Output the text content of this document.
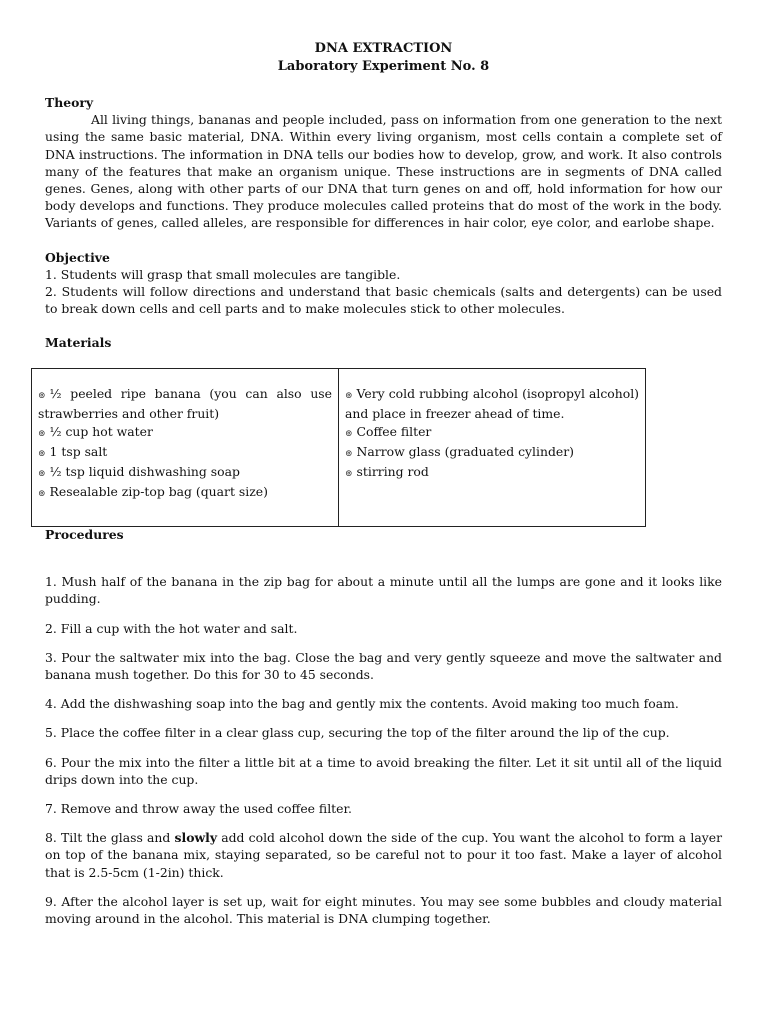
DNA EXTRACTION
Laboratory Experiment No. 8
Theory

All living things, bananas and people included, pass on information from one generation to the next using the same basic material, DNA. Within every living organism, most cells contain a complete set of DNA instructions. The information in DNA tells our bodies how to develop, grow, and work. It also controls many of the features that make an organism unique. These instructions are in segments of DNA called genes. Genes, along with other parts of our DNA that turn genes on and off, hold information for how our body develops and functions. They produce molecules called proteins that do most of the work in the body. Variants of genes, called alleles, are responsible for differences in hair color, eye color, and earlobe shape.

Objective

1. Students will grasp that small molecules are tangible.

2. Students will follow directions and understand that basic chemicals (salts and detergents) can be used to break down cells and cell parts and to make molecules stick to other molecules.

Materials
⊚ ½ peeled ripe banana (you can also use strawberries and other fruit)
⊚ ½ cup hot water
⊚ 1 tsp salt
⊚ ½ tsp liquid dishwashing soap
⊚ Resealable zip-top bag (quart size)

⊚ Very cold rubbing alcohol (isopropyl alcohol) and place in freezer ahead of time.
⊚ Coffee filter
⊚ Narrow glass (graduated cylinder)
⊚ stirring rod
Procedures

1. Mush half of the banana in the zip bag for about a minute until all the lumps are gone and it looks like pudding.

2. Fill a cup with the hot water and salt.

3. Pour the saltwater mix into the bag. Close the bag and very gently squeeze and move the saltwater and banana mush together. Do this for 30 to 45 seconds.

4. Add the dishwashing soap into the bag and gently mix the contents. Avoid making too much foam.

5. Place the coffee filter in a clear glass cup, securing the top of the filter around the lip of the cup.

6. Pour the mix into the filter a little bit at a time to avoid breaking the filter. Let it sit until all of the liquid drips down into the cup.

7. Remove and throw away the used coffee filter.

8. Tilt the glass and slowly add cold alcohol down the side of the cup. You want the alcohol to form a layer on top of the banana mix, staying separated, so be careful not to pour it too fast. Make a layer of alcohol that is 2.5-5cm (1-2in) thick.

9. After the alcohol layer is set up, wait for eight minutes. You may see some bubbles and cloudy material moving around in the alcohol. This material is DNA clumping together.
